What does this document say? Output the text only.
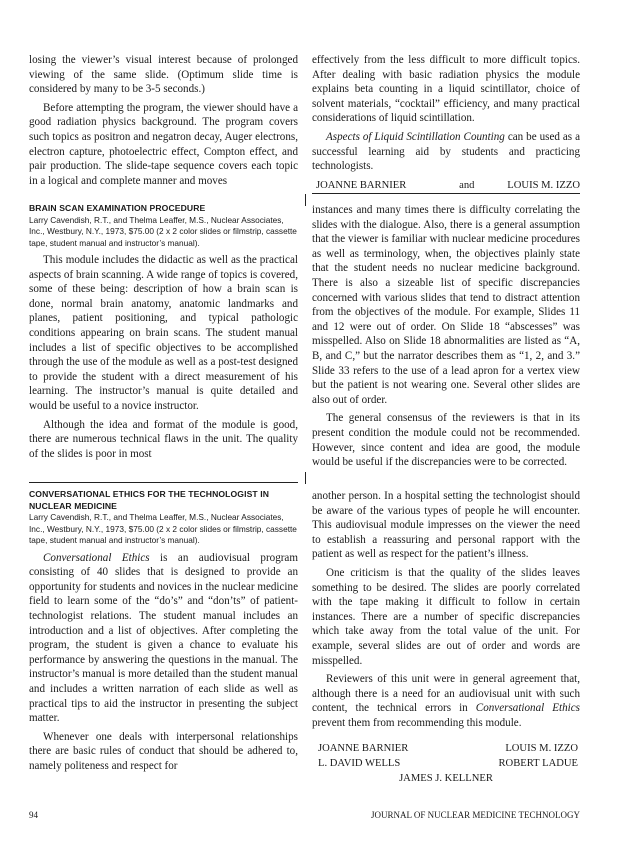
losing the viewer’s visual interest because of prolonged viewing of the same slide. (Optimum slide time is considered by many to be 3-5 seconds.)

Before attempting the program, the viewer should have a good radiation physics background. The program covers such topics as positron and negatron decay, Auger electrons, electron capture, photoelectric effect, Compton effect, and pair production. The slide-tape sequence covers each topic in a logical and complete manner and moves

effectively from the less difficult to more difficult topics. After dealing with basic radiation physics the module explains beta counting in a liquid scintillator, choice of solvent materials, “cocktail” efficiency, and many practical considerations of liquid scintillation.

Aspects of Liquid Scintillation Counting can be used as a successful learning aid by students and practicing technologists.

JOANNE BARNIER	and	LOUIS M. IZZO
BRAIN SCAN EXAMINATION PROCEDURE

Larry Cavendish, R.T., and Thelma Leaffer, M.S., Nuclear Associates, Inc., Westbury, N.Y., 1973, $75.00 (2 x 2 color slides or filmstrip, cassette tape, student manual and instructor’s manual).

This module includes the didactic as well as the practical aspects of brain scanning. A wide range of topics is covered, some of these being: description of how a brain scan is done, normal brain anatomy, anatomic landmarks and planes, patient positioning, and typical pathologic conditions appearing on brain scans. The student manual includes a list of specific objectives to be accomplished through the use of the module as well as a post-test designed to provide the student with a direct measurement of his learning. The instructor’s manual is quite detailed and would be useful to a novice instructor.

Although the idea and format of the module is good, there are numerous technical flaws in the unit. The quality of the slides is poor in most

instances and many times there is difficulty correlating the slides with the dialogue. Also, there is a general assumption that the viewer is familiar with nuclear medicine procedures as well as terminology, when, the objectives plainly state that the student needs no nuclear medicine background. There is also a sizeable list of specific discrepancies concerned with various slides that tend to distract attention from the objectives of the module. For example, Slides 11 and 12 were out of order. On Slide 18 “abscesses” was misspelled. Also on Slide 18 abnormalities are listed as “A, B, and C,” but the narrator describes them as “1, 2, and 3.” Slide 33 refers to the use of a lead apron for a vertex view but the patient is not wearing one. Several other slides are also out of order.

The general consensus of the reviewers is that in its present condition the module could not be recommended. However, since content and idea are good, the module would be useful if the discrepancies were to be corrected.

CONVERSATIONAL ETHICS FOR THE TECHNOLOGIST IN NUCLEAR MEDICINE

Larry Cavendish, R.T., and Thelma Leaffer, M.S., Nuclear Associates, Inc., Westbury, N.Y., 1973, $75.00 (2 x 2 color slides or filmstrip, cassette tape, student manual and instructor’s manual).

Conversational Ethics is an audiovisual program consisting of 40 slides that is designed to provide an opportunity for students and novices in the nuclear medicine field to learn some of the “do’s” and “don’ts” of patient-technologist relations. The student manual includes an introduction and a list of objectives. After completing the program, the student is given a chance to evaluate his performance by answering the questions in the manual. The instructor’s manual is more detailed than the student manual and includes a written narration of each slide as well as practical tips to aid the instructor in presenting the subject matter.

Whenever one deals with interpersonal relationships there are basic rules of conduct that should be adhered to, namely politeness and respect for

another person. In a hospital setting the technologist should be aware of the various types of people he will encounter. This audiovisual module impresses on the viewer the need to establish a reassuring and personal rapport with the patient as well as respect for the patient’s illness.

One criticism is that the quality of the slides leaves something to be desired. The slides are poorly correlated with the tape making it difficult to follow in certain instances. There are a number of specific discrepancies which take away from the total value of the unit. For example, several slides are out of order and words are misspelled.

Reviewers of this unit were in general agreement that, although there is a need for an audiovisual unit with such content, the technical errors in Conversational Ethics prevent them from recommending this module.

JOANNE BARNIER	LOUIS M. IZZO
L. DAVID WELLS	ROBERT LADUE
JAMES J. KELLNER
94	JOURNAL OF NUCLEAR MEDICINE TECHNOLOGY
